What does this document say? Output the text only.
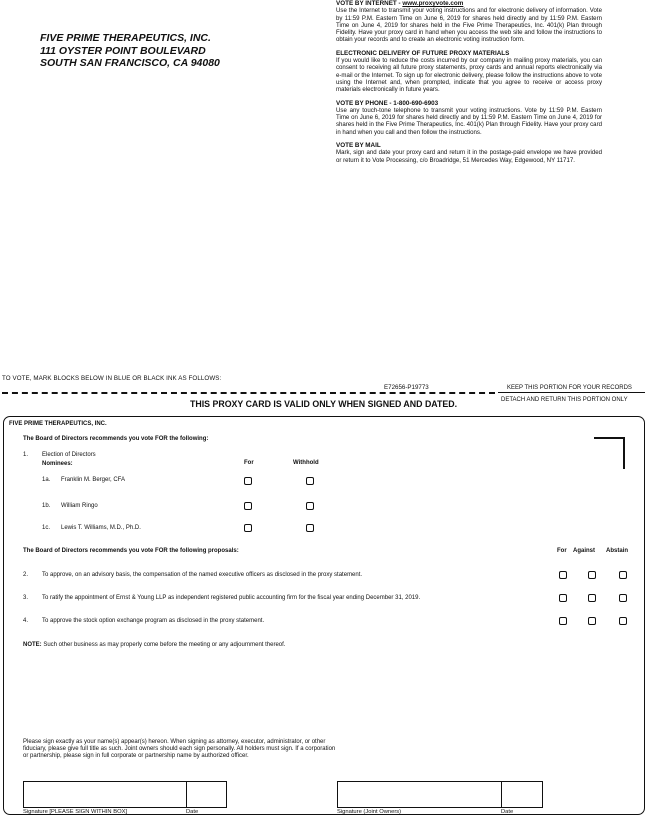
FIVE PRIME THERAPEUTICS, INC.
111 OYSTER POINT BOULEVARD
SOUTH SAN FRANCISCO, CA 94080
VOTE BY INTERNET - www.proxyvote.com
Use the Internet to transmit your voting instructions and for electronic delivery of information. Vote by 11:59 P.M. Eastern Time on June 6, 2019 for shares held directly and by 11:59 P.M. Eastern Time on June 4, 2019 for shares held in the Five Prime Therapeutics, Inc. 401(k) Plan through Fidelity. Have your proxy card in hand when you access the web site and follow the instructions to obtain your records and to create an electronic voting instruction form.
ELECTRONIC DELIVERY OF FUTURE PROXY MATERIALS
If you would like to reduce the costs incurred by our company in mailing proxy materials, you can consent to receiving all future proxy statements, proxy cards and annual reports electronically via e-mail or the Internet. To sign up for electronic delivery, please follow the instructions above to vote using the Internet and, when prompted, indicate that you agree to receive or access proxy materials electronically in future years.
VOTE BY PHONE - 1-800-690-6903
Use any touch-tone telephone to transmit your voting instructions. Vote by 11:59 P.M. Eastern Time on June 6, 2019 for shares held directly and by 11:59 P.M. Eastern Time on June 4, 2019 for shares held in the Five Prime Therapeutics, Inc. 401(k) Plan through Fidelity. Have your proxy card in hand when you call and then follow the instructions.
VOTE BY MAIL
Mark, sign and date your proxy card and return it in the postage-paid envelope we have provided or return it to Vote Processing, c/o Broadridge, 51 Mercedes Way, Edgewood, NY 11717.
TO VOTE, MARK BLOCKS BELOW IN BLUE OR BLACK INK AS FOLLOWS:
E72656-P19773	KEEP THIS PORTION FOR YOUR RECORDS
THIS PROXY CARD IS VALID ONLY WHEN SIGNED AND DATED.	DETACH AND RETURN THIS PORTION ONLY
FIVE PRIME THERAPEUTICS, INC.
The Board of Directors recommends you vote FOR the following:
1. Election of Directors
Nominees:	For	Withhold
1a. Franklin M. Berger, CFA
1b. William Ringo
1c. Lewis T. Williams, M.D., Ph.D.
The Board of Directors recommends you vote FOR the following proposals:	For Against Abstain
2. To approve, on an advisory basis, the compensation of the named executive officers as disclosed in the proxy statement.
3. To ratify the appointment of Ernst & Young LLP as independent registered public accounting firm for the fiscal year ending December 31, 2019.
4. To approve the stock option exchange program as disclosed in the proxy statement.
NOTE: Such other business as may properly come before the meeting or any adjournment thereof.
Please sign exactly as your name(s) appear(s) hereon. When signing as attorney, executor, administrator, or other fiduciary, please give full title as such. Joint owners should each sign personally. All holders must sign. If a corporation or partnership, please sign in full corporate or partnership name by authorized officer.
Signature [PLEASE SIGN WITHIN BOX]	Date	Signature (Joint Owners)	Date
